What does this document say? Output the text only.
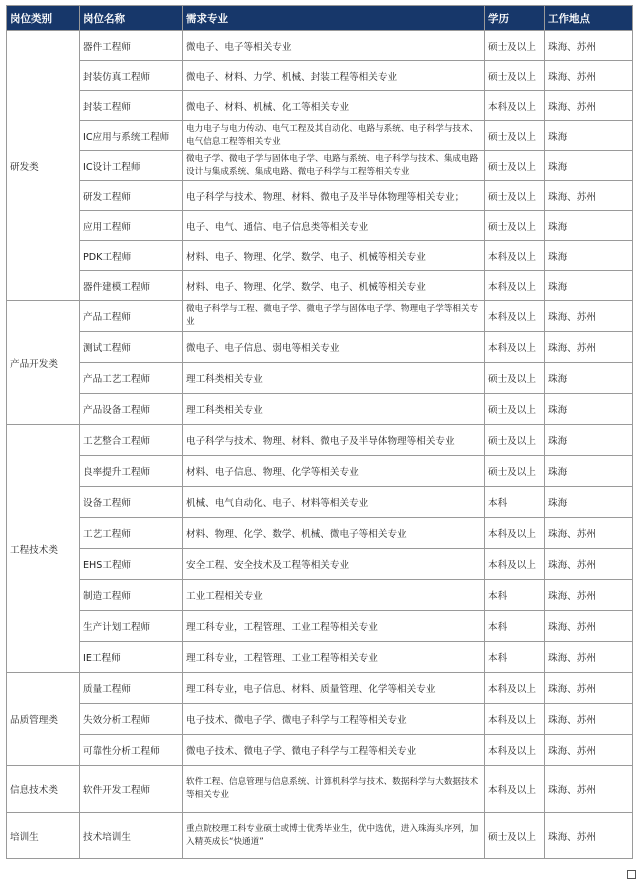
岗位类别	岗位名称	需求专业	学历	工作地点
研发类	器件工程师	微电子、电子等相关专业	硕士及以上	珠海、苏州
	封装仿真工程师	微电子、材料、力学、机械、封装工程等相关专业	硕士及以上	珠海、苏州
	封装工程师	微电子、材料、机械、化工等相关专业	本科及以上	珠海、苏州
	IC应用与系统工程师	电力电子与电力传动、电气工程及其自动化、电路与系统、电子科学与技术、电气信息工程等相关专业	硕士及以上	珠海
	IC设计工程师	微电子学、微电子学与固体电子学、电路与系统、电子科学与技术、集成电路设计与集成系统、集成电路、微电子科学与工程等相关专业	硕士及以上	珠海
	研发工程师	电子科学与技术、物理、材料、微电子及半导体物理等相关专业；	硕士及以上	珠海、苏州
	应用工程师	电子、电气、通信、电子信息类等相关专业	硕士及以上	珠海
	PDK工程师	材料、电子、物理、化学、数学、电子、机械等相关专业	本科及以上	珠海
	器件建模工程师	材料、电子、物理、化学、数学、电子、机械等相关专业	本科及以上	珠海
产品开发类	产品工程师	微电子科学与工程、微电子学、微电子学与固体电子学、物理电子学等相关专业	本科及以上	珠海、苏州
	测试工程师	微电子、电子信息、弱电等相关专业	本科及以上	珠海、苏州
	产品工艺工程师	理工科类相关专业	硕士及以上	珠海
	产品设备工程师	理工科类相关专业	硕士及以上	珠海
工程技术类	工艺整合工程师	电子科学与技术、物理、材料、微电子及半导体物理等相关专业	硕士及以上	珠海
	良率提升工程师	材料、电子信息、物理、化学等相关专业	硕士及以上	珠海
	设备工程师	机械、电气自动化、电子、材料等相关专业	本科	珠海
	工艺工程师	材料、物理、化学、数学、机械、微电子等相关专业	本科及以上	珠海、苏州
	EHS工程师	安全工程、安全技术及工程等相关专业	本科及以上	珠海、苏州
	制造工程师	工业工程相关专业	本科	珠海、苏州
	生产计划工程师	理工科专业，工程管理、工业工程等相关专业	本科	珠海、苏州
	IE工程师	理工科专业，工程管理、工业工程等相关专业	本科	珠海、苏州
品质管理类	质量工程师	理工科专业，电子信息、材料、质量管理、化学等相关专业	本科及以上	珠海、苏州
	失效分析工程师	电子技术、微电子学、微电子科学与工程等相关专业	本科及以上	珠海、苏州
	可靠性分析工程师	微电子技术、微电子学、微电子科学与工程等相关专业	本科及以上	珠海、苏州
信息技术类	软件开发工程师	软件工程、信息管理与信息系统、计算机科学与技术、数据科学与大数据技术等相关专业	本科及以上	珠海、苏州
培训生	技术培训生	重点院校理工科专业硕士或博士优秀毕业生，优中选优，进入珠海头序列，加入精英成长“快通道”	硕士及以上	珠海、苏州
